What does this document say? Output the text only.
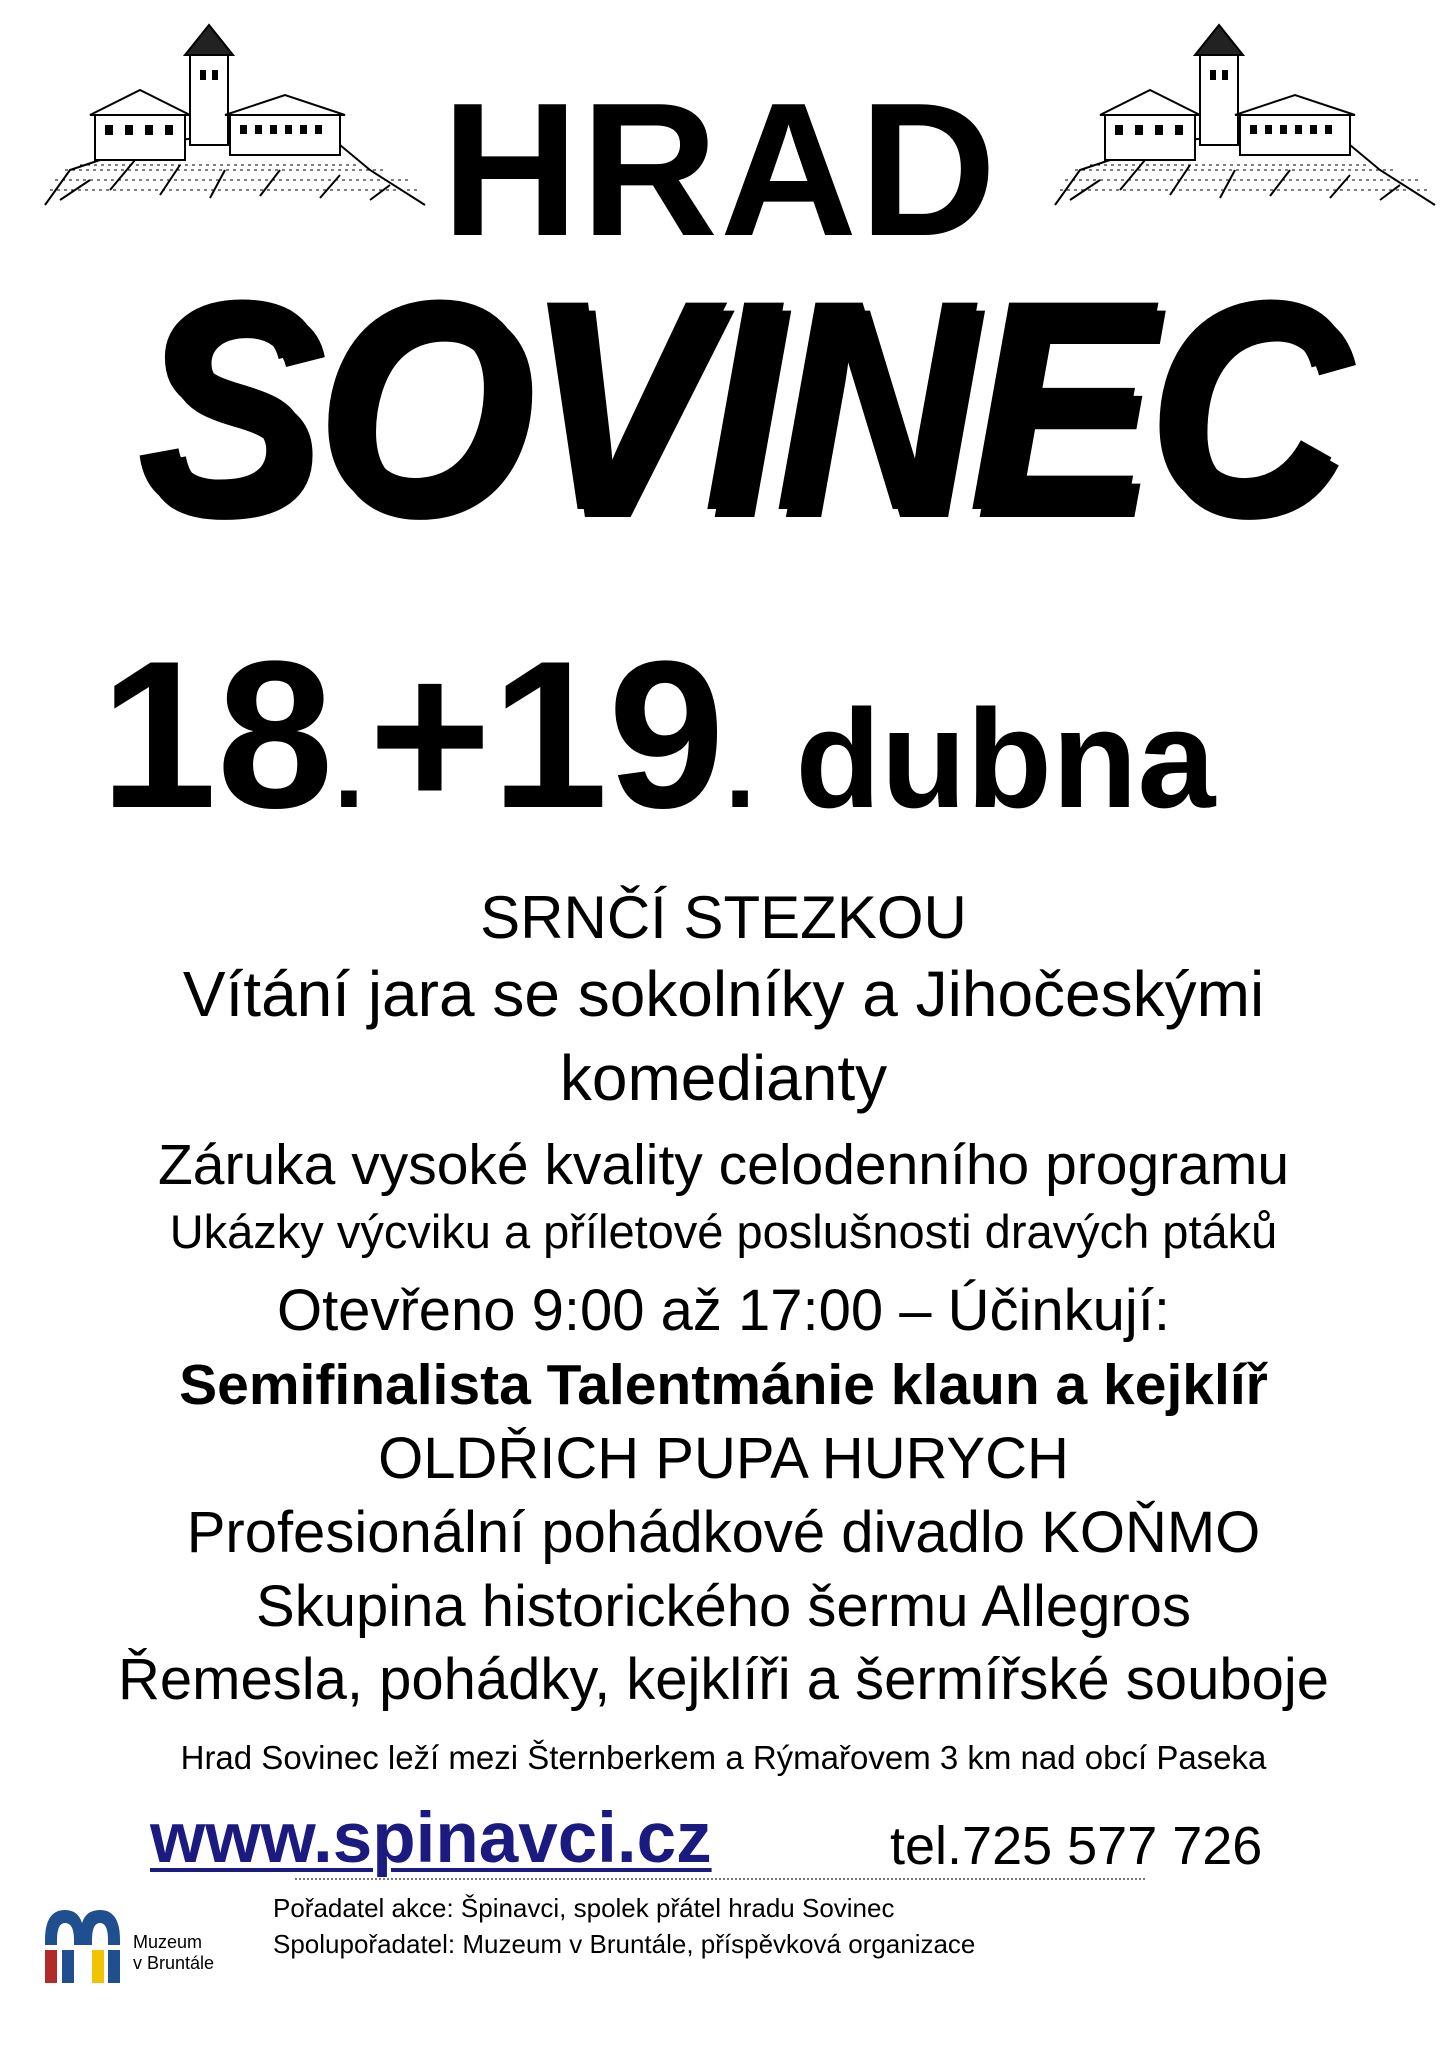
HRAD
SOVINEC
18. +19. dubna
SRNČÍ STEZKOU
Vítání jara se sokolníky a Jihočeskými
komedianty
Záruka vysoké kvality celodenního programu
Ukázky výcviku a příletové poslušnosti dravých ptáků
Otevřeno 9:00 až 17:00 – Účinkují:
Semifinalista Talentmánie klaun a kejklíř
OLDŘICH PUPA HURYCH
Profesionální pohádkové divadlo KOŇMO
Skupina historického šermu Allegros
Řemesla, pohádky, kejklíři a šermířské souboje
Hrad Sovinec leží mezi Šternberkem a Rýmařovem 3 km nad obcí Paseka
www.spinavci.cz	tel.725 577 726
Pořadatel akce: Špinavci, spolek přátel hradu Sovinec
Spolupořadatel: Muzeum v Bruntále, příspěvková organizace
Muzeum
v Bruntále
